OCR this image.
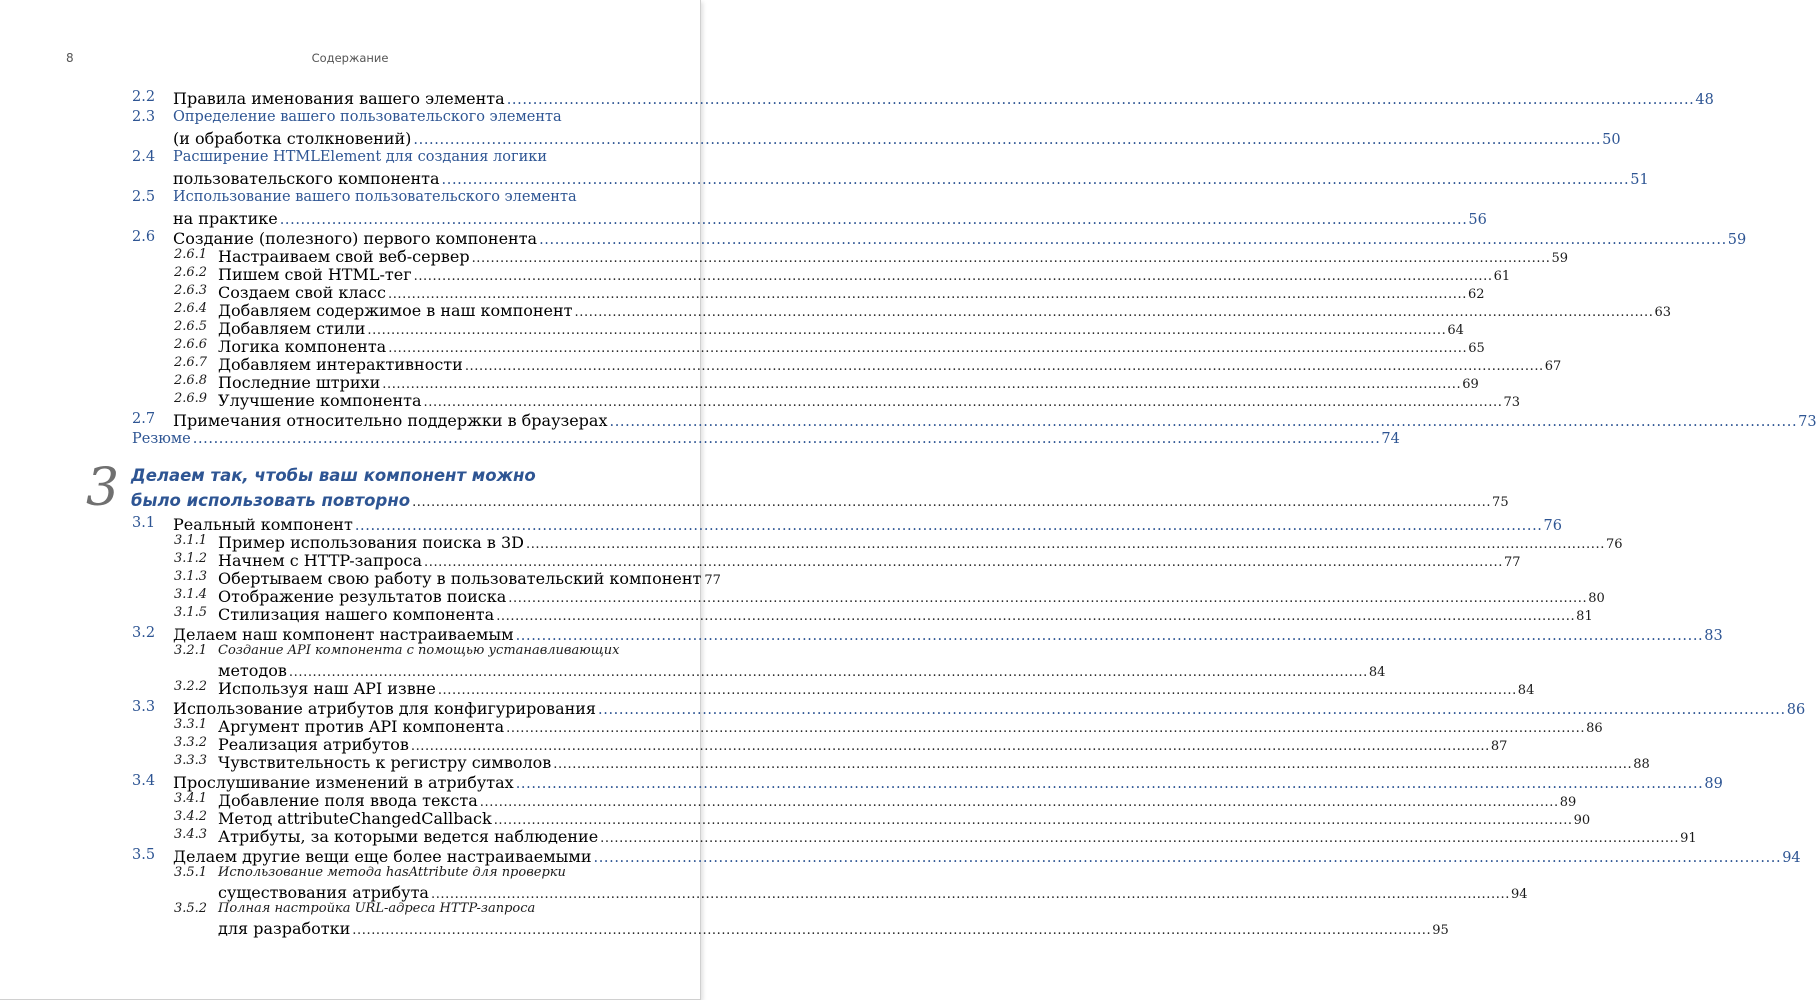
8	Содержание
2.2 Правила именования вашего элемента .....	48
2.3 Определение вашего пользовательского элемента
(и обработка столкновений) .....	50
2.4 Расширение HTMLElement для создания логики
пользовательского компонента .....	51
2.5 Использование вашего пользовательского элемента
на практике .....	56
2.6 Создание (полезного) первого компонента .....	59
2.6.1 Настраиваем свой веб-сервер .....	59
2.6.2 Пишем свой HTML-тег .....	61
2.6.3 Создаем свой класс .....	62
2.6.4 Добавляем содержимое в наш компонент .....	63
2.6.5 Добавляем стили .....	64
2.6.6 Логика компонента .....	65
2.6.7 Добавляем интерактивности .....	67
2.6.8 Последние штрихи .....	69
2.6.9 Улучшение компонента .....	73
2.7 Примечания относительно поддержки в браузерах .....	73
Резюме .....	74
3 Делаем так, чтобы ваш компонент можно
было использовать повторно .....	75
3.1 Реальный компонент .....	76
3.1.1 Пример использования поиска в 3D .....	76
3.1.2 Начнем с HTTP-запроса .....	77
3.1.3 Обертываем свою работу в пользовательский компонент 77
3.1.4 Отображение результатов поиска .....	80
3.1.5 Стилизация нашего компонента .....	81
3.2 Делаем наш компонент настраиваемым .....	83
3.2.1 Создание API компонента с помощью устанавливающих
методов .....	84
3.2.2 Используя наш API извне .....	84
3.3 Использование атрибутов для конфигурирования .....	86
3.3.1 Аргумент против API компонента .....	86
3.3.2 Реализация атрибутов .....	87
3.3.3 Чувствительность к регистру символов .....	88
3.4 Прослушивание изменений в атрибутах .....	89
3.4.1 Добавление поля ввода текста .....	89
3.4.2 Метод attributeChangedCallback .....	90
3.4.3 Атрибуты, за которыми ведется наблюдение .....	91
3.5 Делаем другие вещи еще более настраиваемыми .....	94
3.5.1 Использование метода hasAttribute для проверки
существования атрибута .....	94
3.5.2 Полная настройка URL-адреса HTTP-запроса
для разработки .....	95
